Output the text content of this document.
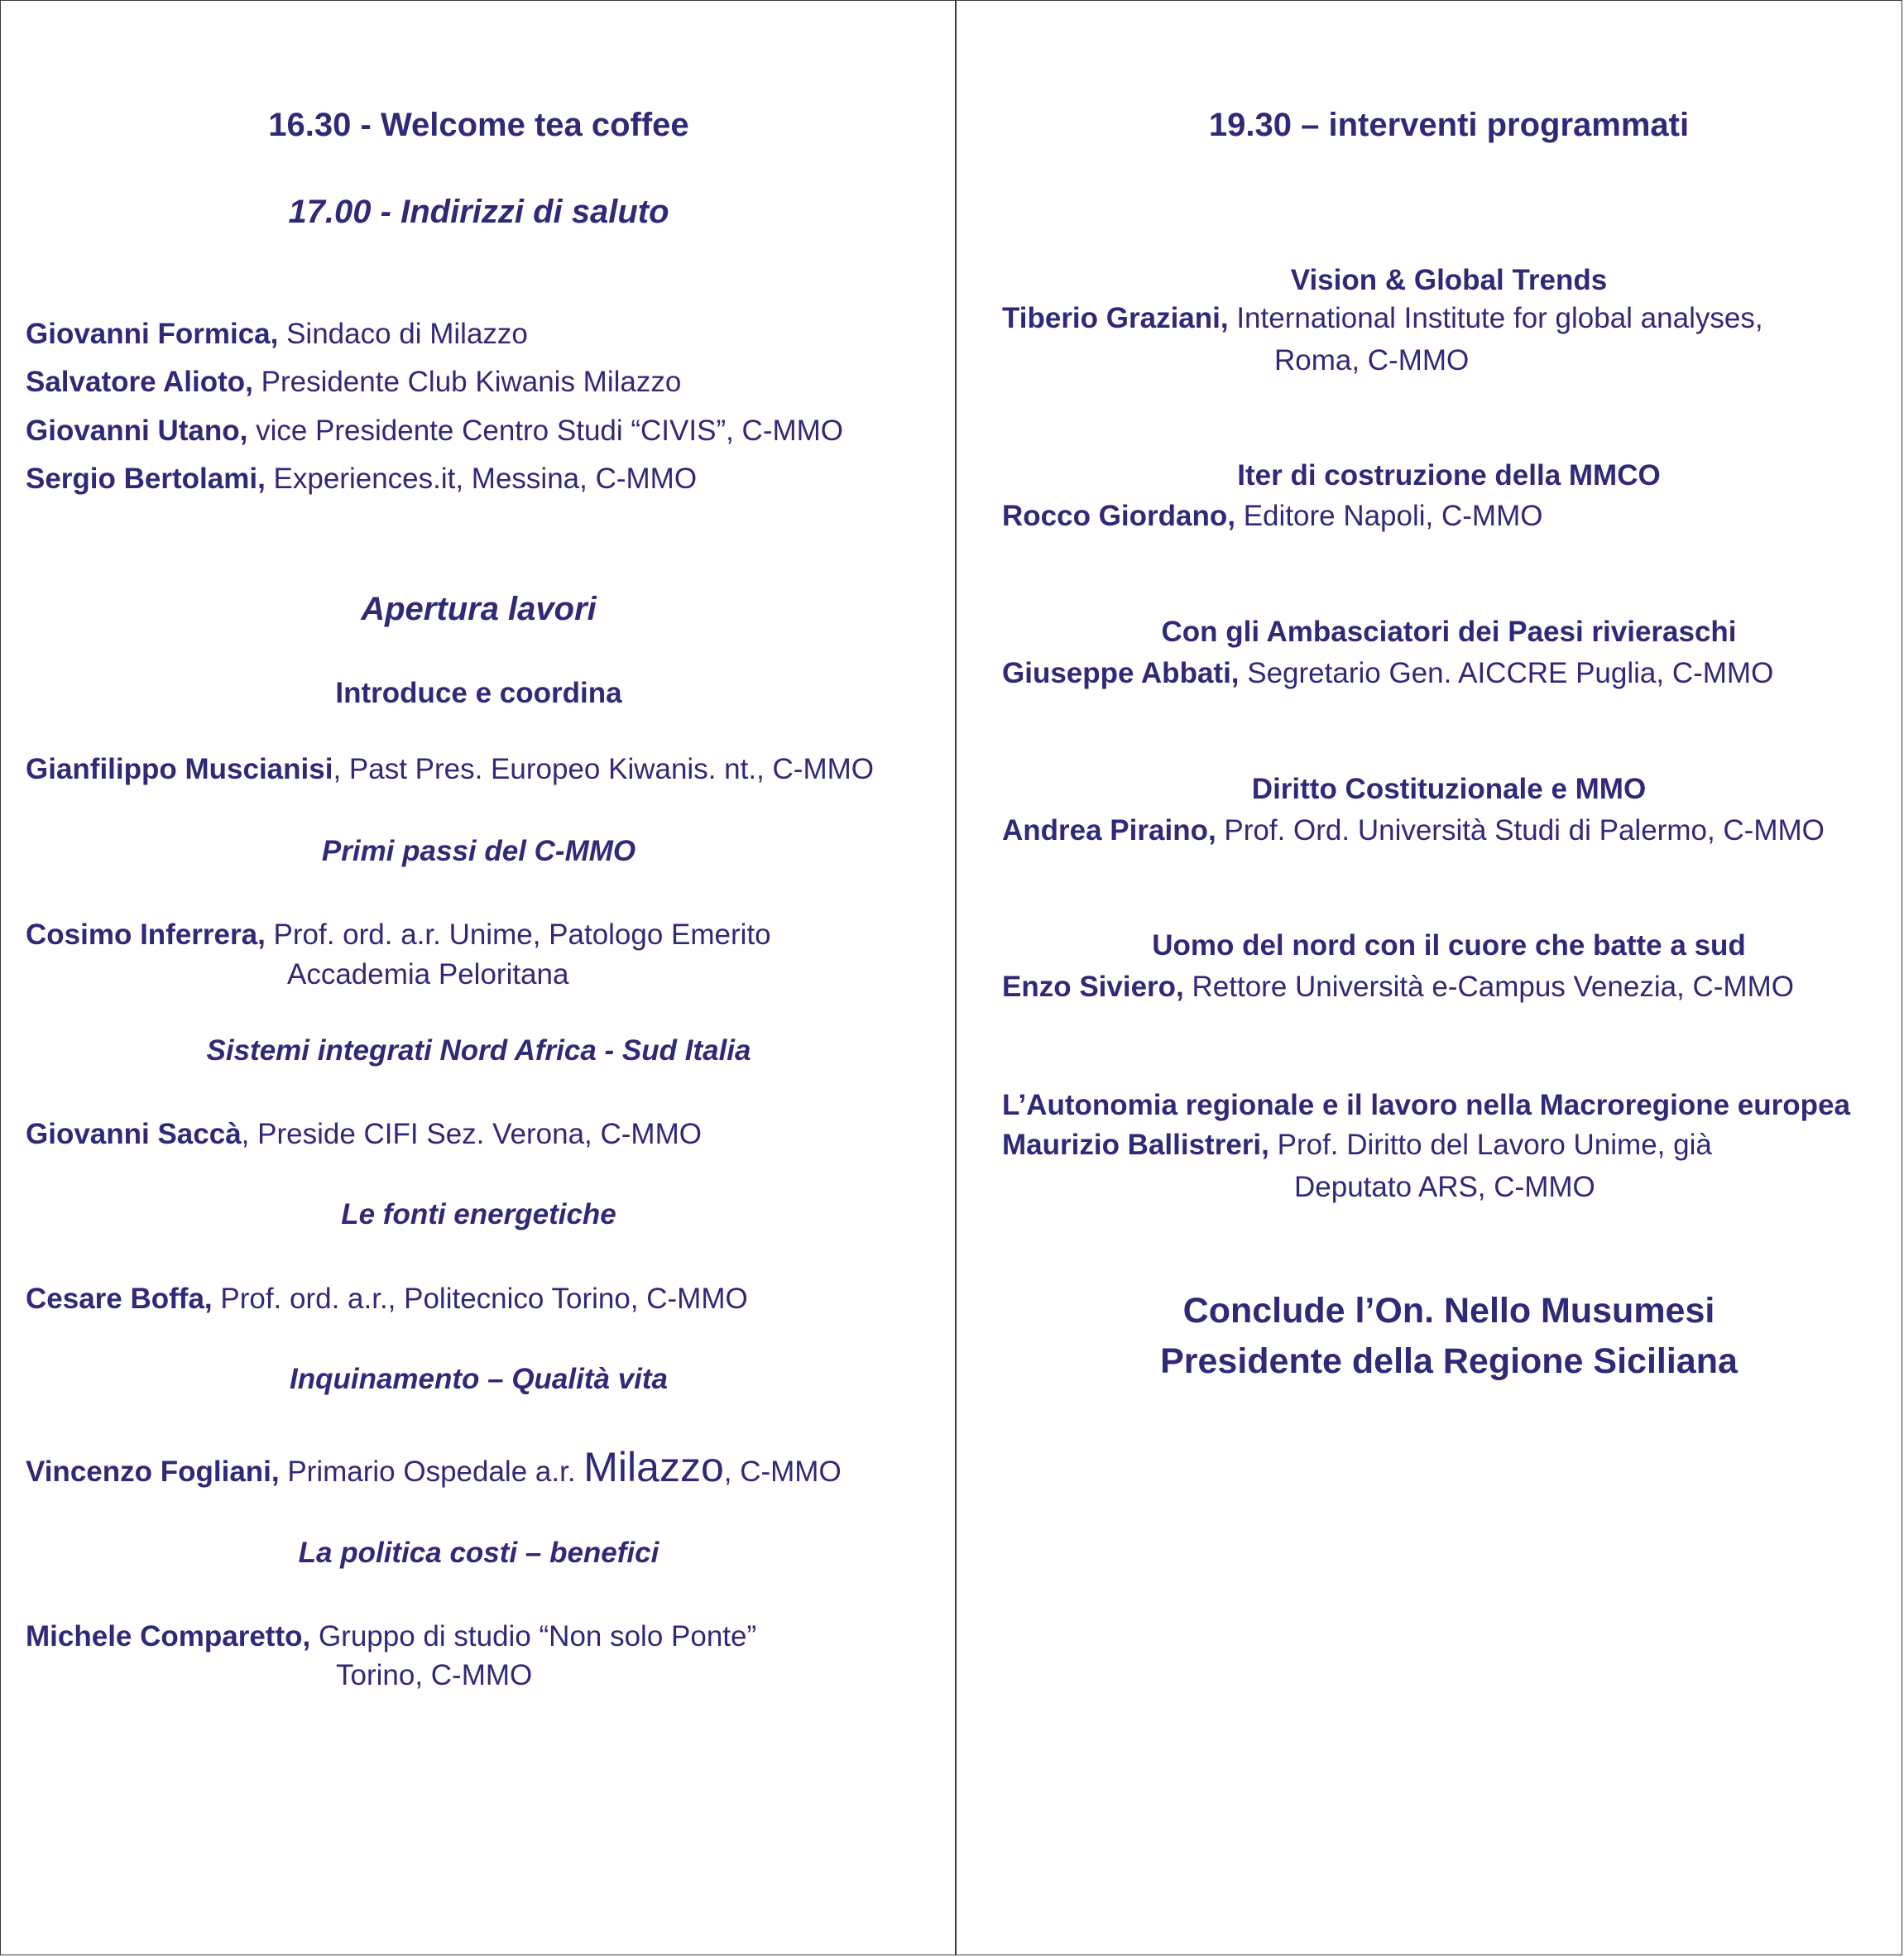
16.30 - Welcome tea coffee
17.00 - Indirizzi di saluto
Giovanni Formica, Sindaco di Milazzo
Salvatore Alioto, Presidente Club Kiwanis Milazzo
Giovanni Utano, vice Presidente Centro Studi “CIVIS”, C-MMO
Sergio Bertolami, Experiences.it, Messina, C-MMO
Apertura lavori
Introduce e coordina
Gianfilippo Muscianisi, Past Pres. Europeo Kiwanis. nt., C-MMO
Primi passi del C-MMO
Cosimo Inferrera, Prof. ord. a.r. Unime, Patologo Emerito
Accademia Peloritana
Sistemi integrati Nord Africa - Sud Italia
Giovanni Saccà, Preside CIFI Sez. Verona, C-MMO
Le fonti energetiche
Cesare Boffa, Prof. ord. a.r., Politecnico Torino, C-MMO
Inquinamento – Qualità vita
Vincenzo Fogliani, Primario Ospedale a.r. Milazzo, C-MMO
La politica costi – benefici
Michele Comparetto, Gruppo di studio “Non solo Ponte”
Torino, C-MMO
19.30 – interventi programmati
Vision & Global Trends
Tiberio Graziani, International Institute for global analyses,
Roma, C-MMO
Iter di costruzione della MMCO
Rocco Giordano, Editore Napoli, C-MMO
Con gli Ambasciatori dei Paesi rivieraschi
Giuseppe Abbati, Segretario Gen. AICCRE Puglia, C-MMO
Diritto Costituzionale e MMO
Andrea Piraino, Prof. Ord. Università Studi di Palermo, C-MMO
Uomo del nord con il cuore che batte a sud
Enzo Siviero, Rettore Università e-Campus Venezia, C-MMO
L’Autonomia regionale e il lavoro nella Macroregione europea
Maurizio Ballistreri, Prof. Diritto del Lavoro Unime, già
Deputato ARS, C-MMO
Conclude l’On. Nello Musumesi
Presidente della Regione Siciliana
